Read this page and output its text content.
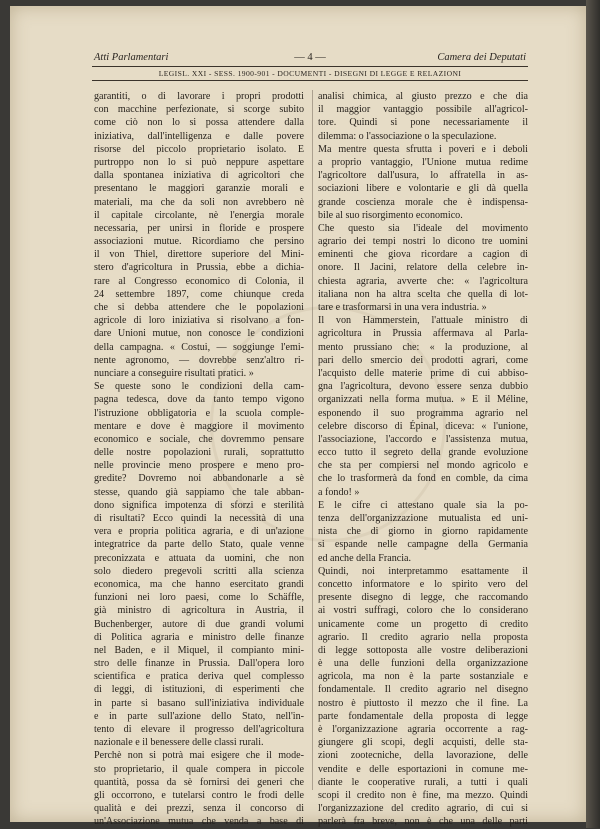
Atti Parlamentari	— 4 —	Camera dei Deputati
LEGISL. XXI - SESS. 1900-901 - DOCUMENTI - DISEGNI DI LEGGE E RELAZIONI
garantiti, o di lavorare i propri prodotti
con macchine perfezionate, si scorge subito
come ciò non lo si possa attendere dalla
iniziativa, dall'intelligenza e dalle povere
risorse del piccolo proprietario isolato. E
purtroppo non lo si può neppure aspettare
dalla spontanea iniziativa di agricoltori che
presentano le maggiori garanzie morali e
materiali, ma che da soli non avrebbero nè
il capitale circolante, nè l'energia morale
necessaria, per unirsi in floride e prospere
associazioni mutue. Ricordiamo che persino
il von Thiel, direttore superiore del Mini-
stero d'agricoltura in Prussia, ebbe a dichia-
rare al Congresso economico di Colonia, il
24 settembre 1897, come chiunque creda
che si debba attendere che le popolazioni
agricole di loro iniziativa si risolvano a fon-
dare Unioni mutue, non conosce le condizioni
della campagna. « Costui, — soggiunge l'emi-
nente agronomo, — dovrebbe senz'altro ri-
nunciare a conseguire risultati pratici. »
Se queste sono le condizioni della cam-
pagna tedesca, dove da tanto tempo vigono
l'istruzione obbligatoria e la scuola comple-
mentare e dove è maggiore il movimento
economico e sociale, che dovremmo pensare
delle nostre popolazioni rurali, soprattutto
nelle provincie meno prospere e meno pro-
gredite? Dovremo noi abbandonarle a sè
stesse, quando già sappiamo che tale abban-
dono significa impotenza di sforzi e sterilità
di risultati? Ecco quindi la necessità di una
vera e propria politica agraria, e di un'azione
integratrice da parte dello Stato, quale venne
preconizzata e attuata da uomini, che non
solo diedero pregevoli scritti alla scienza
economica, ma che hanno esercitato grandi
funzioni nei loro paesi, come lo Schäffle,
già ministro di agricoltura in Austria, il
Buchenberger, autore di due grandi volumi
di Politica agraria e ministro delle finanze
nel Baden, e il Miquel, il compianto mini-
stro delle finanze in Prussia. Dall'opera loro
scientifica e pratica deriva quel complesso
di leggi, di istituzioni, di esperimenti che
in parte si basano sull'iniziativa individuale
e in parte sull'azione dello Stato, nell'in-
tento di elevare il progresso dell'agricoltura
nazionale e il benessere delle classi rurali.
Perchè non si potrà mai esigere che il mode-
sto proprietario, il quale compera in piccole
quantità, possa da sè fornirsi dei generi che
gli occorrono, e tutelarsi contro le frodi delle
qualità e dei prezzi, senza il concorso di
un'Associazione mutua che venda a base di
analisi chimica, al giusto prezzo e che dia
il maggior vantaggio possibile all'agricol-
tore. Quindi si pone necessariamente il
dilemma: o l'associazione o la speculazione.
Ma mentre questa sfrutta i poveri e i deboli
a proprio vantaggio, l'Unione mutua redime
l'agricoltore dall'usura, lo affratella in as-
sociazioni libere e volontarie e gli dà quella
grande coscienza morale che è indispensa-
bile al suo risorgimento economico.
Che questo sia l'ideale del movimento
agrario dei tempi nostri lo dicono tre uomini
eminenti che giova ricordare a cagion di
onore. Il Jacini, relatore della celebre in-
chiesta agraria, avverte che: « l'agricoltura
italiana non ha altra scelta che quella di lot-
tare e trasformarsi in una vera industria. »
Il von Hammerstein, l'attuale ministro di
agricoltura in Prussia affermava al Parla-
mento prussiano che: « la produzione, al
pari dello smercio dei prodotti agrari, come
l'acquisto delle materie prime di cui abbiso-
gna l'agricoltura, devono essere senza dubbio
organizzati nella forma mutua. » E il Méline,
esponendo il suo programma agrario nel
celebre discorso di Épinal, diceva: « l'unione,
l'associazione, l'accordo e l'assistenza mutua,
ecco tutto il segreto della grande evoluzione
che sta per compiersi nel mondo agricolo e
che lo trasformerà da fond en comble, da cima
a fondo! »
E le cifre ci attestano quale sia la po-
tenza dell'organizzazione mutualista ed uni-
nista che di giorno in giorno rapidamente
si espande nelle campagne della Germania
ed anche della Francia.
Quindi, noi interpretammo esattamente il
concetto informatore e lo spirito vero del
presente disegno di legge, che raccomando
ai vostri suffragi, coloro che lo considerano
unicamente come un progetto di credito
agrario. Il credito agrario nella proposta
di legge sottoposta alle vostre deliberazioni
è una delle funzioni della organizzazione
agricola, ma non è la parte sostanziale e
fondamentale. Il credito agrario nel disegno
nostro è piuttosto il mezzo che il fine. La
parte fondamentale della proposta di legge
è l'organizzazione agraria occorrente a rag-
giungere gli scopi, degli acquisti, delle sta-
zioni zootecniche, della lavorazione, delle
vendite e delle esportazioni in comune me-
diante le cooperative rurali, a tutti i quali
scopi il credito non è fine, ma mezzo. Quindi
l'organizzazione del credito agrario, di cui si
parlerà fra breve, non è che una delle parti
